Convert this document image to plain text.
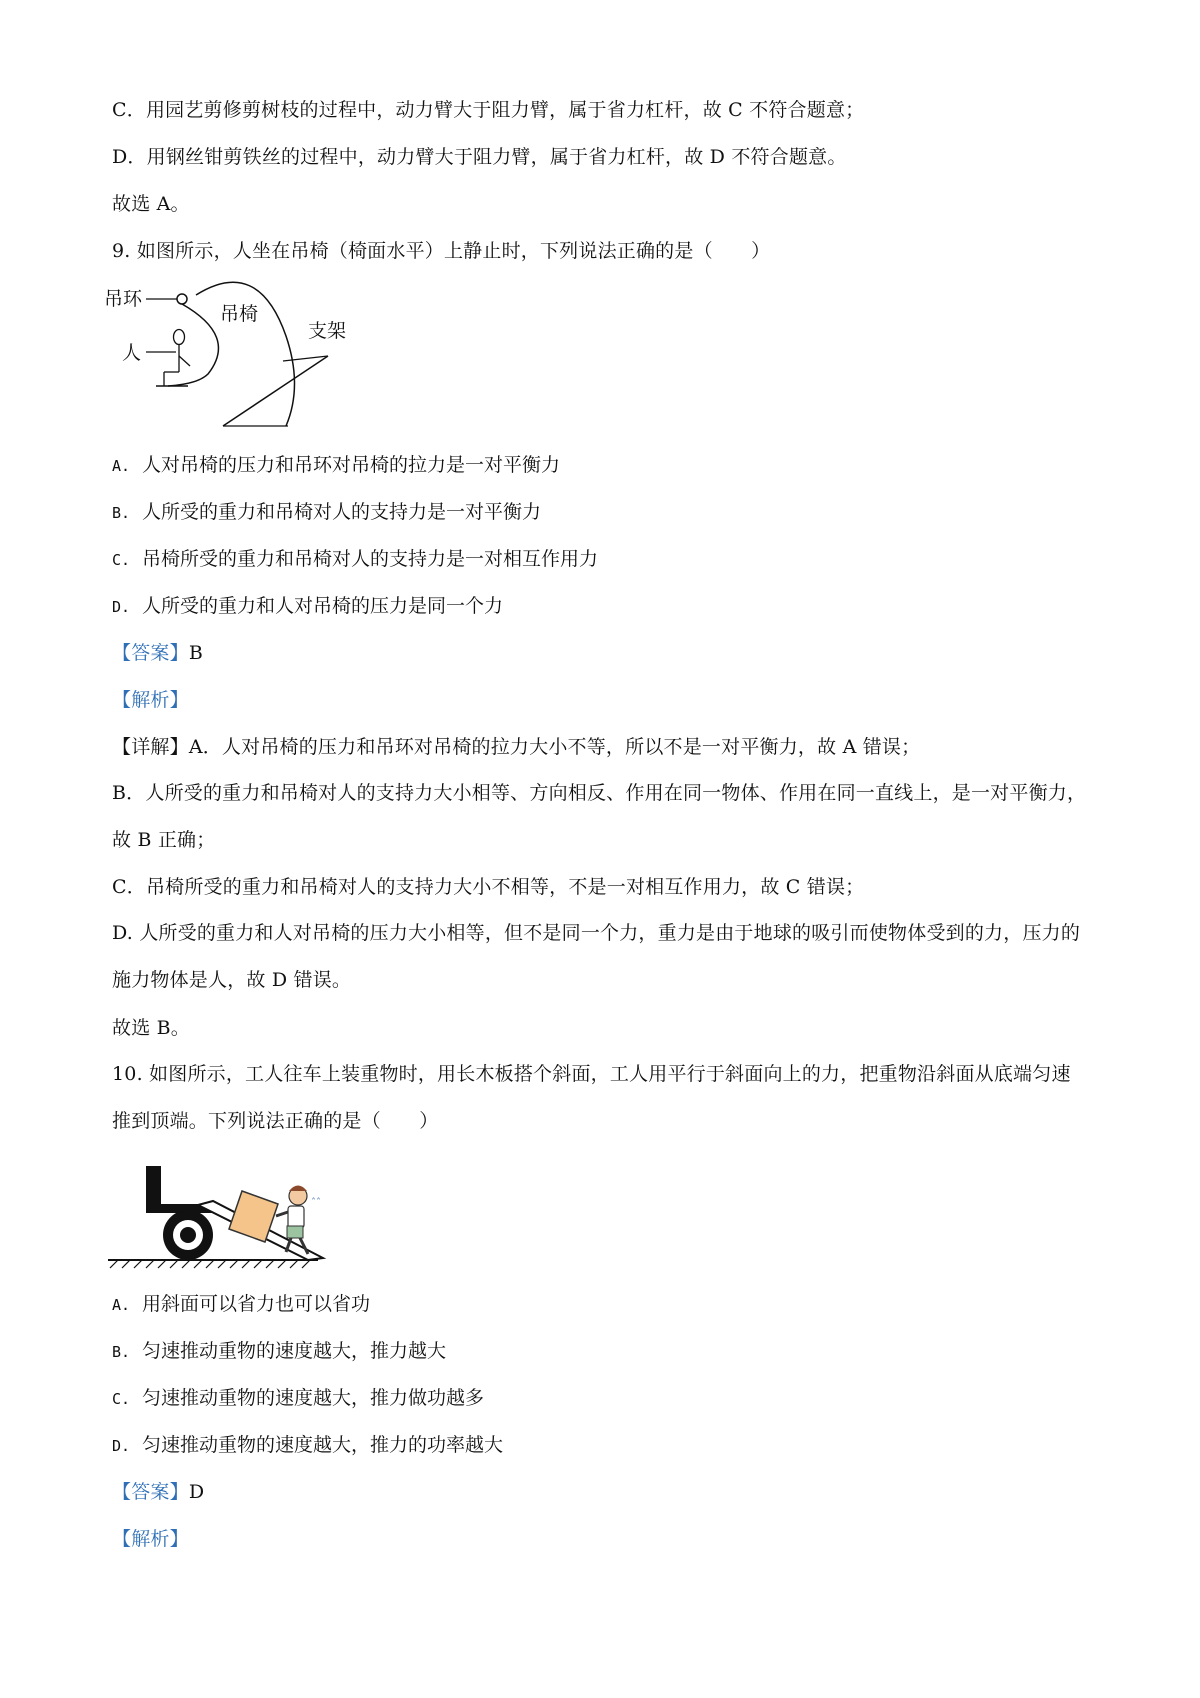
C．用园艺剪修剪树枝的过程中，动力臂大于阻力臂，属于省力杠杆，故 C 不符合题意；
D．用钢丝钳剪铁丝的过程中，动力臂大于阻力臂，属于省力杠杆，故 D 不符合题意。
故选 A。
9. 如图所示，人坐在吊椅（椅面水平）上静止时，下列说法正确的是（　　）
吊环
吊椅
人
支架
A. 人对吊椅的压力和吊环对吊椅的拉力是一对平衡力
B. 人所受的重力和吊椅对人的支持力是一对平衡力
C. 吊椅所受的重力和吊椅对人的支持力是一对相互作用力
D. 人所受的重力和人对吊椅的压力是同一个力
【答案】B
【解析】
【详解】A．人对吊椅的压力和吊环对吊椅的拉力大小不等，所以不是一对平衡力，故 A 错误；
B．人所受的重力和吊椅对人的支持力大小相等、方向相反、作用在同一物体、作用在同一直线上，是一对平衡力，故 B 正确；
C．吊椅所受的重力和吊椅对人的支持力大小不相等，不是一对相互作用力，故 C 错误；
D. 人所受的重力和人对吊椅的压力大小相等，但不是同一个力，重力是由于地球的吸引而使物体受到的力，压力的施力物体是人，故 D 错误。
故选 B。
10. 如图所示，工人往车上装重物时，用长木板搭个斜面，工人用平行于斜面向上的力，把重物沿斜面从底端匀速推到顶端。下列说法正确的是（　　）
ˆˆ
A. 用斜面可以省力也可以省功
B. 匀速推动重物的速度越大，推力越大
C. 匀速推动重物的速度越大，推力做功越多
D. 匀速推动重物的速度越大，推力的功率越大
【答案】D
【解析】
